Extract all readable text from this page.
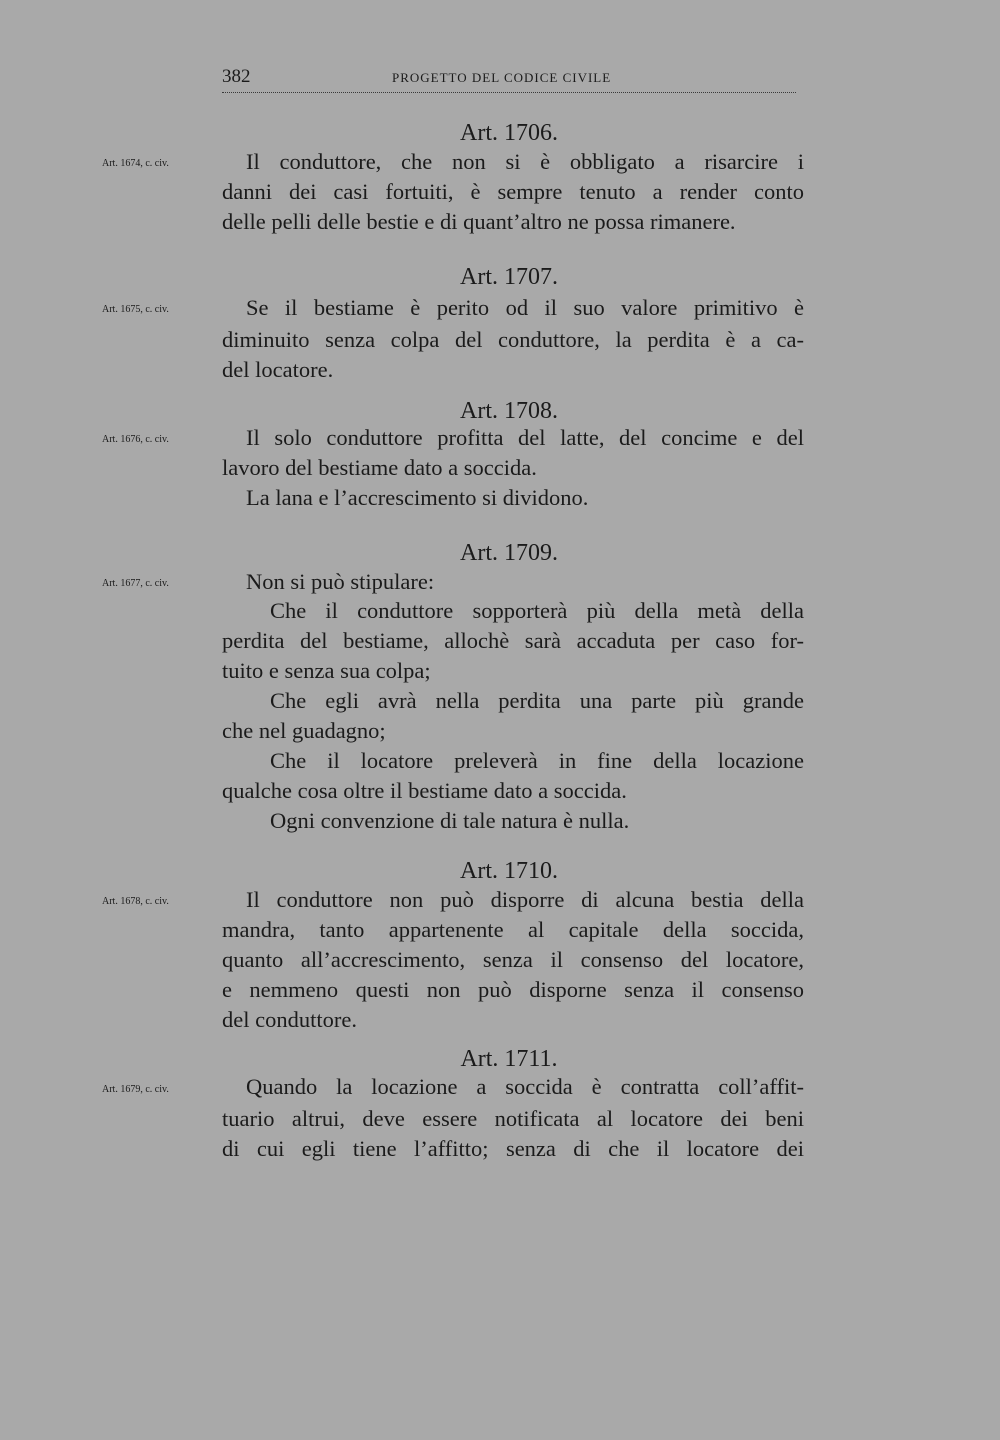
382	PROGETTO DEL CODICE CIVILE
Art. 1706.
Art. 1674, c. civ.	Il conduttore, che non si è obbligato a risarcire i
danni dei casi fortuiti, è sempre tenuto a render conto
delle pelli delle bestie e di quant’altro ne possa rimanere.
Art. 1707.
Art. 1675, c. civ.	Se il bestiame è perito od il suo valore primitivo è
diminuito senza colpa del conduttore, la perdita è a ca-
del locatore.
Art. 1708.
Art. 1676, c. civ.	Il solo conduttore profitta del latte, del concime e del
lavoro del bestiame dato a soccida.
La lana e l’accrescimento si dividono.
Art. 1709.
Art. 1677, c. civ.	Non si può stipulare:
Che il conduttore sopporterà più della metà della
perdita del bestiame, allochè sarà accaduta per caso for-
tuito e senza sua colpa;
Che egli avrà nella perdita una parte più grande
che nel guadagno;
Che il locatore preleverà in fine della locazione
qualche cosa oltre il bestiame dato a soccida.
Ogni convenzione di tale natura è nulla.
Art. 1710.
Art. 1678, c. civ.	Il conduttore non può disporre di alcuna bestia della
mandra, tanto appartenente al capitale della soccida,
quanto all’accrescimento, senza il consenso del locatore,
e nemmeno questi non può disporne senza il consenso
del conduttore.
Art. 1711.
Art. 1679, c. civ.	Quando la locazione a soccida è contratta coll’affit-
tuario altrui, deve essere notificata al locatore dei beni
di cui egli tiene l’affitto; senza di che il locatore dei
